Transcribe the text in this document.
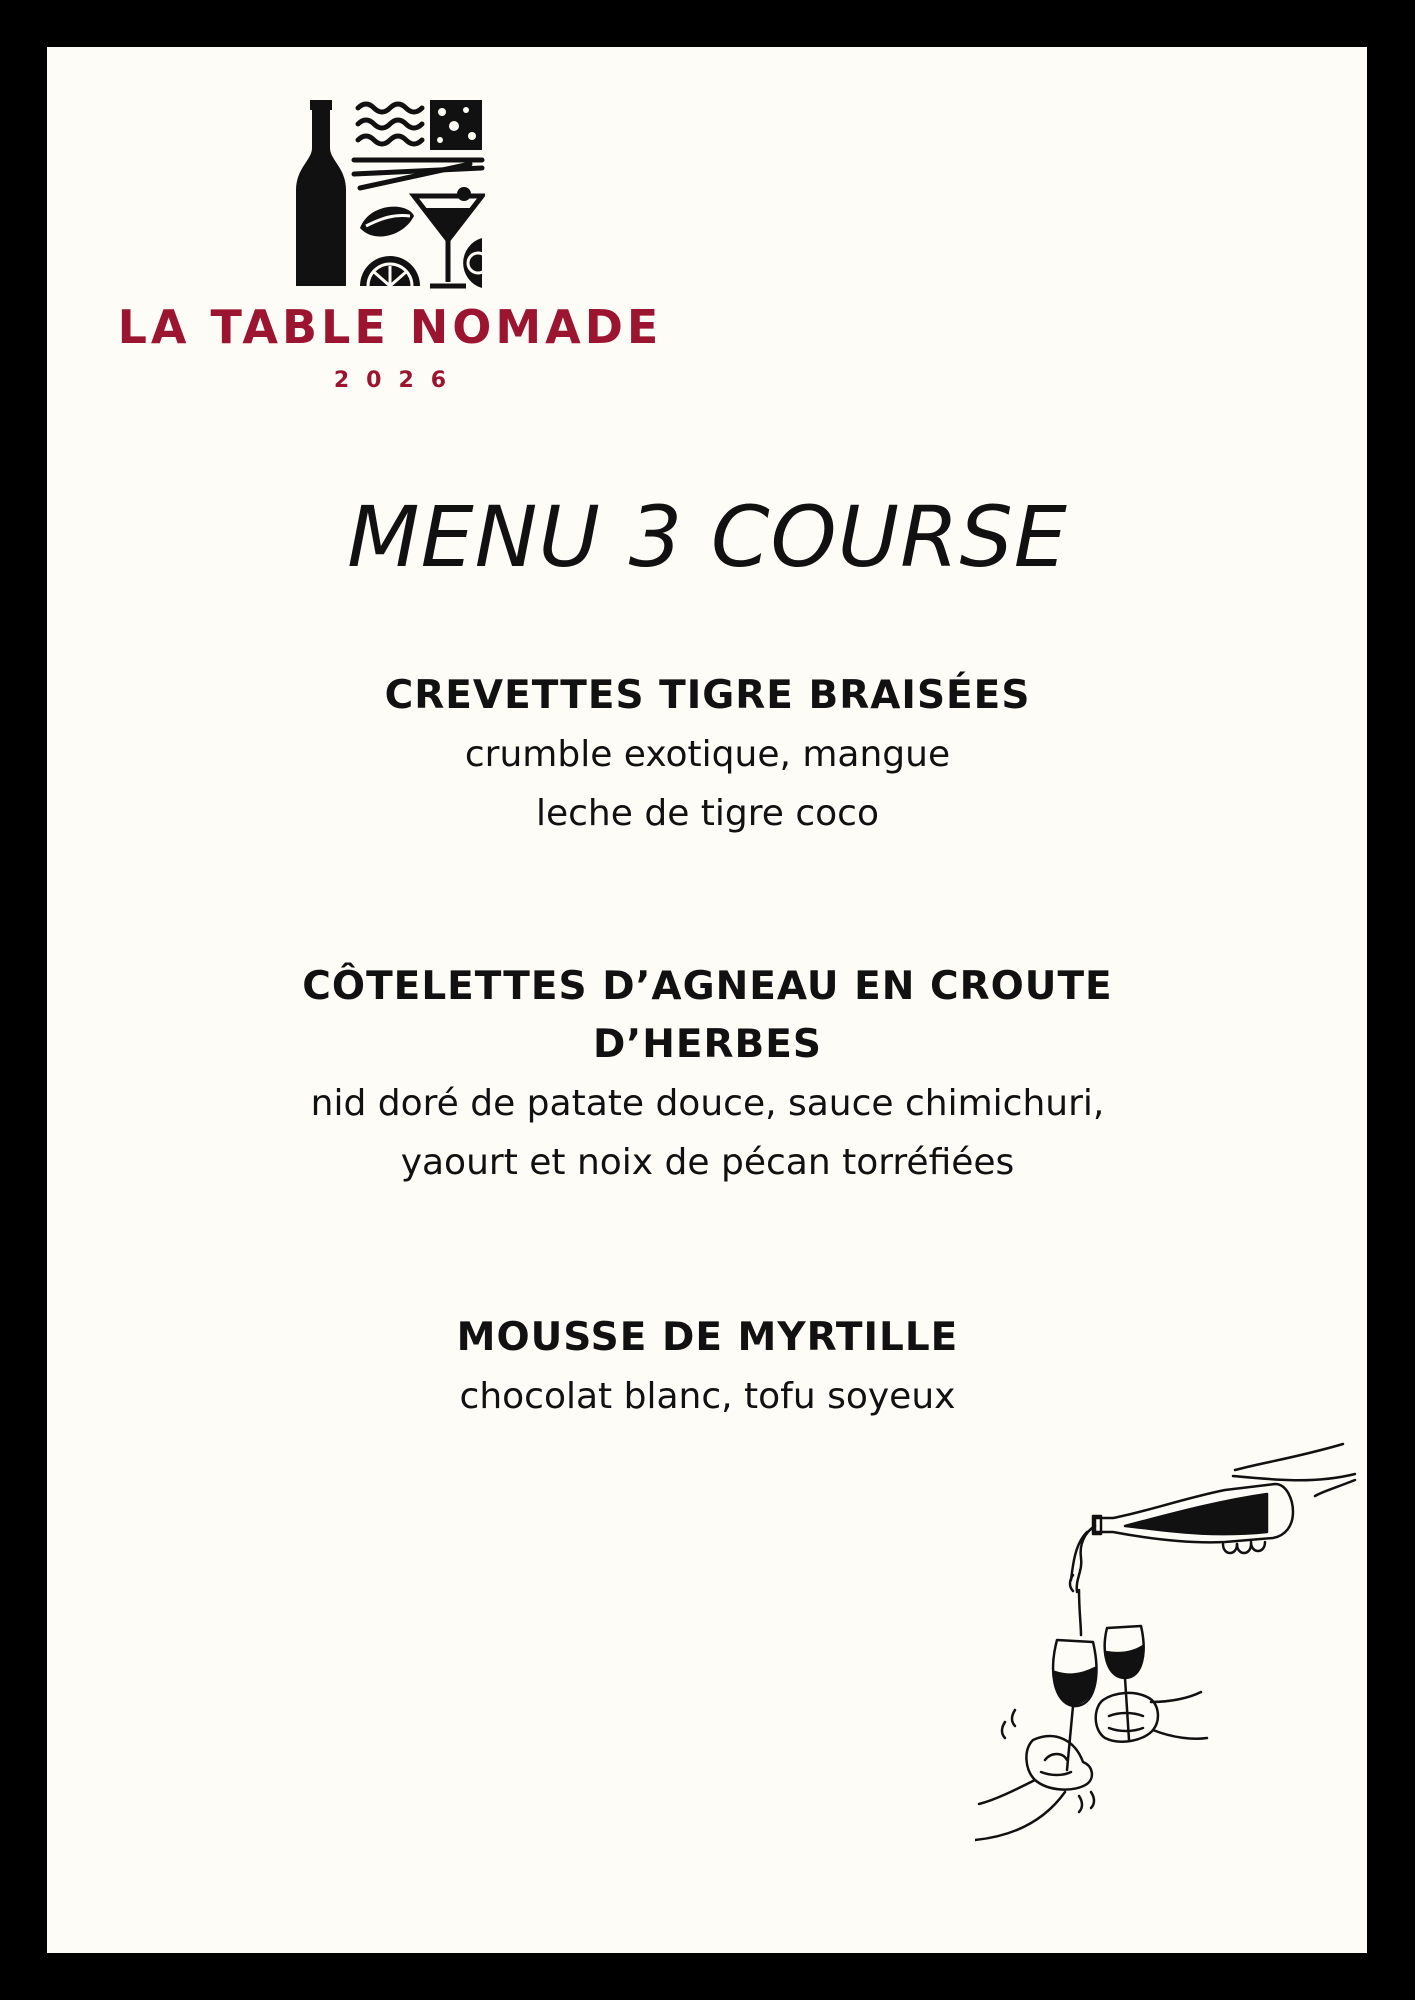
LA TABLE NOMADE
2026
MENU 3 COURSE
CREVETTES TIGRE BRAISÉES
crumble exotique, mangue
leche de tigre coco
CÔTELETTES D’AGNEAU EN CROUTE
D’HERBES
nid doré de patate douce, sauce chimichuri,
yaourt et noix de pécan torréfiées
MOUSSE DE MYRTILLE
chocolat blanc, tofu soyeux
